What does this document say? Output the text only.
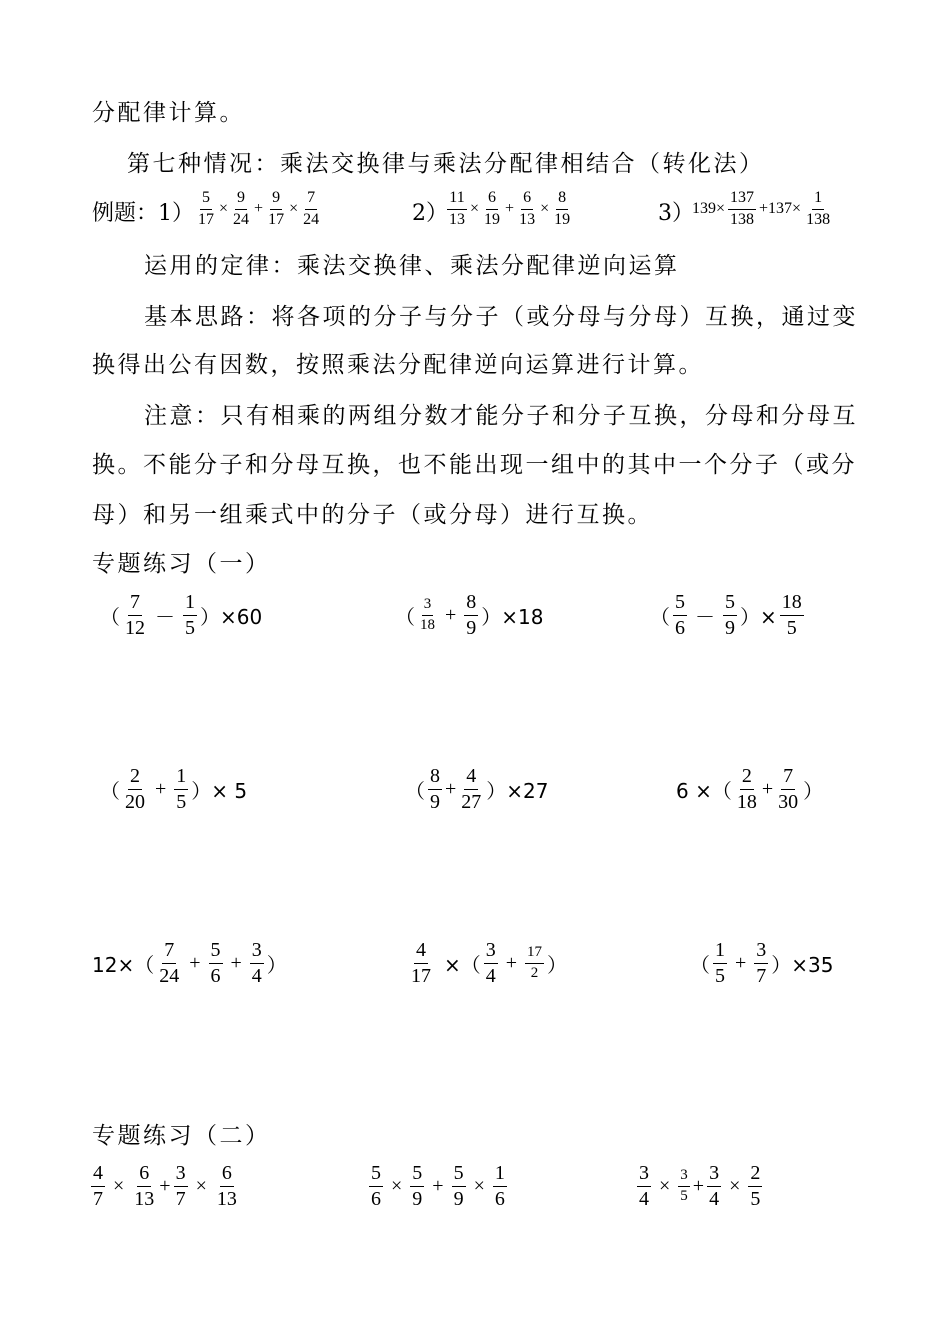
分配律计算。
第七种情况：乘法交换律与乘法分配律相结合（转化法）
例题：$1) \frac{5}{17} \times \frac{9}{24} + \frac{9}{17} \times \frac{7}{24}$	$2) \frac{11}{13} \times \frac{6}{19} + \frac{6}{13} \times \frac{8}{19}$	3）
$139\times \frac{137}{138} +137\times \frac{1}{138}$
运用的定律：乘法交换律、乘法分配律逆向运算
基本思路：将各项的分子与分子（或分母与分母）互换，通过变
换得出公有因数，按照乘法分配律逆向运算进行计算。
注意：只有相乘的两组分数才能分子和分子互换，分母和分母互
换。不能分子和分母互换，也不能出现一组中的其中一个分子（或分
母）和另一组乘式中的分子（或分母）进行互换。
专题练习（一）
（ $\frac{7}{12} - \frac{1}{5} )\times 60$	（ $\frac{3}{18} + \frac{8}{9} )\times 18$	（ $\frac{5}{6} - \frac{5}{9}$ ）× $\frac{18}{5}$
（ $\frac{2}{20} + \frac{1}{5}$ ）× 5	（ $\frac{8}{9} + \frac{4}{27} )\times 27$	6 ×（ $\frac{2}{18} + \frac{7}{30}$ ）
$12\times( \frac{7}{24} + \frac{5}{6} + \frac{3}{4}$ ）	$\frac{4}{17}$ ×（ $\frac{3}{4} + \frac{17}{2}$ ）	（ $\frac{1}{5} + \frac{3}{7} )\times 35$
专题练习（二）
$\frac{4}{7} \times \frac{6}{13} + \frac{3}{7} \times \frac{6}{13}$	$\frac{5}{6} \times \frac{5}{9} + \frac{5}{9} \times \frac{1}{6}$	$\frac{3}{4} \times \frac{3}{5} + \frac{3}{4} \times \frac{2}{5}$
